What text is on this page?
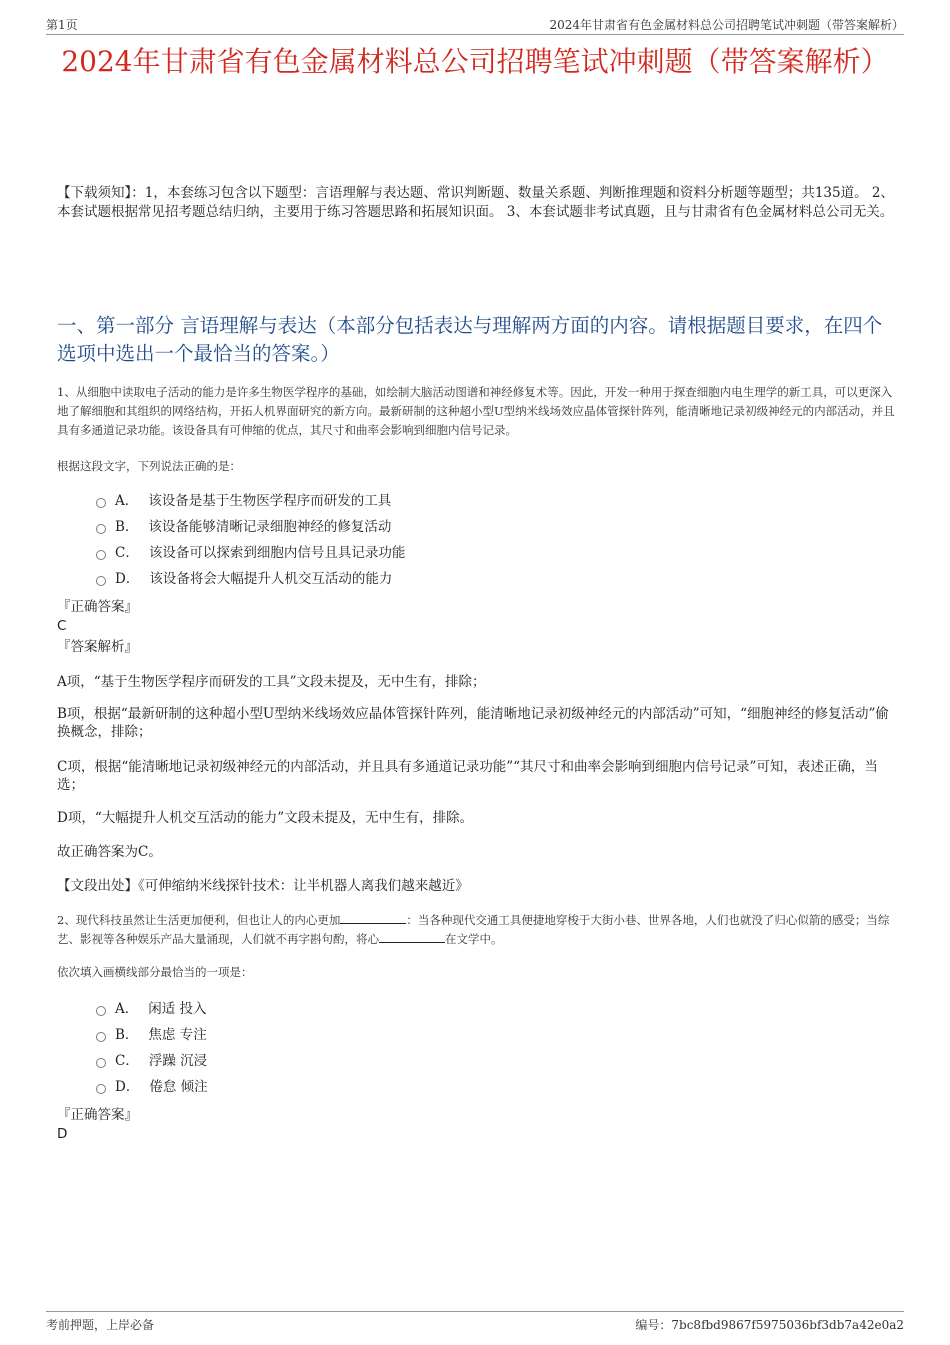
第1页	2024年甘肃省有色金属材料总公司招聘笔试冲刺题（带答案解析）
2024年甘肃省有色金属材料总公司招聘笔试冲刺题（带答案解析）
【下载须知】：1，本套练习包含以下题型：言语理解与表达题、常识判断题、数量关系题、判断推理题和资料分析题等题型；共135道。 2、本套试题根据常见招考题总结归纳，主要用于练习答题思路和拓展知识面。 3、本套试题非考试真题，且与甘肃省有色金属材料总公司无关。
一、第一部分 言语理解与表达（本部分包括表达与理解两方面的内容。请根据题目要求，在四个选项中选出一个最恰当的答案。）
1、从细胞中读取电子活动的能力是许多生物医学程序的基础，如绘制大脑活动图谱和神经修复术等。因此，开发一种用于探查细胞内电生理学的新工具，可以更深入地了解细胞和其组织的网络结构，开拓人机界面研究的新方向。最新研制的这种超小型U型纳米线场效应晶体管探针阵列，能清晰地记录初级神经元的内部活动，并且具有多通道记录功能。该设备具有可伸缩的优点，其尺寸和曲率会影响到细胞内信号记录。
根据这段文字，下列说法正确的是：
A． 该设备是基于生物医学程序而研发的工具
B． 该设备能够清晰记录细胞神经的修复活动
C． 该设备可以探索到细胞内信号且具记录功能
D． 该设备将会大幅提升人机交互活动的能力
『正确答案』
C
『答案解析』
A项，“基于生物医学程序而研发的工具”文段未提及，无中生有，排除；
B项，根据“最新研制的这种超小型U型纳米线场效应晶体管探针阵列，能清晰地记录初级神经元的内部活动”可知，“细胞神经的修复活动”偷换概念，排除；
C项，根据“能清晰地记录初级神经元的内部活动，并且具有多通道记录功能”“其尺寸和曲率会影响到细胞内信号记录”可知，表述正确，当选；
D项，“大幅提升人机交互活动的能力”文段未提及，无中生有，排除。
故正确答案为C。
【文段出处】《可伸缩纳米线探针技术：让半机器人离我们越来越近》
2、现代科技虽然让生活更加便利，但也让人的内心更加	：当各种现代交通工具便捷地穿梭于大街小巷、世界各地，人们也就没了归心似箭的感受；当综艺、影视等各种娱乐产品大量涌现，人们就不再字斟句酌，将心	在文学中。
依次填入画横线部分最恰当的一项是：
A． 闲适 投入
B． 焦虑 专注
C． 浮躁 沉浸
D． 倦怠 倾注
『正确答案』
D
考前押题，上岸必备	编号：7bc8fbd9867f5975036bf3db7a42e0a2
